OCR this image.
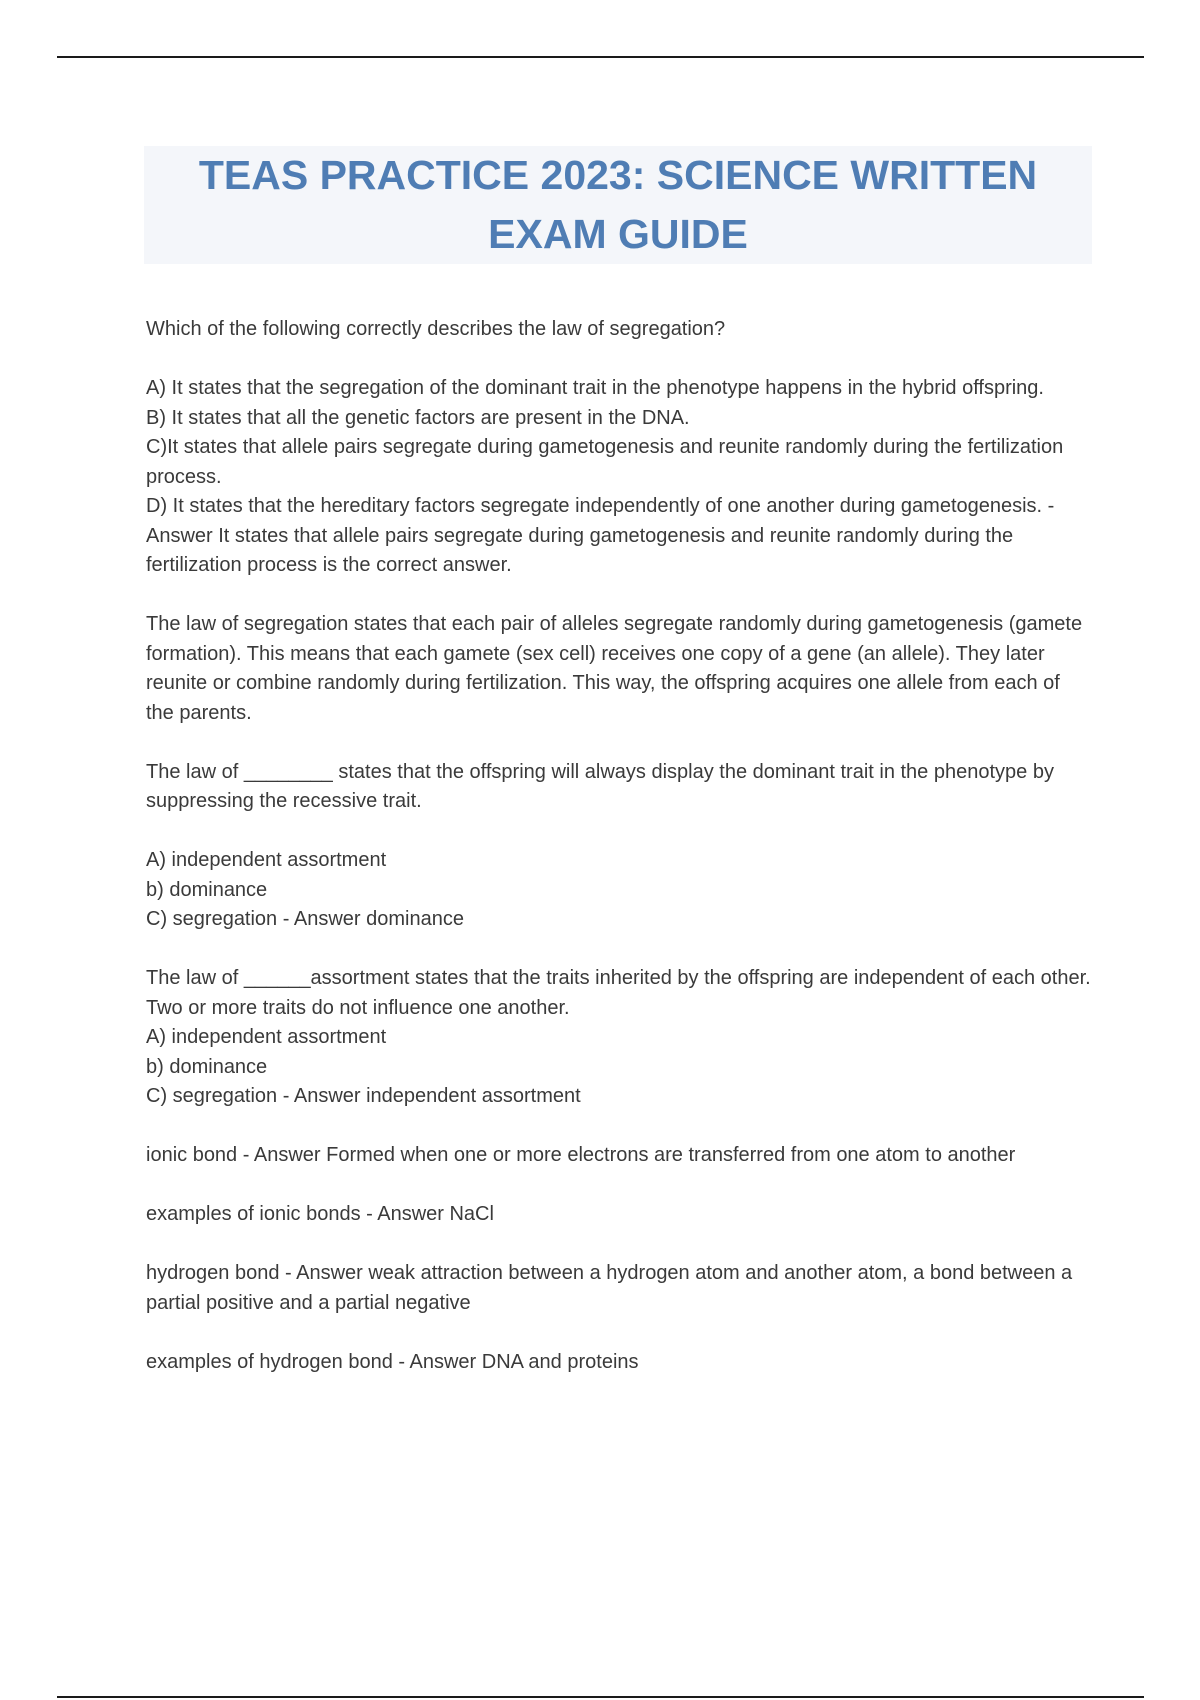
TEAS PRACTICE 2023: SCIENCE WRITTEN EXAM GUIDE

Which of the following correctly describes the law of segregation?

A) It states that the segregation of the dominant trait in the phenotype happens in the hybrid offspring.

B) It states that all the genetic factors are present in the DNA.

C)It states that allele pairs segregate during gametogenesis and reunite randomly during the fertilization process.

D) It states that the hereditary factors segregate independently of one another during gametogenesis. - Answer It states that allele pairs segregate during gametogenesis and reunite randomly during the fertilization process is the correct answer.

The law of segregation states that each pair of alleles segregate randomly during gametogenesis (gamete formation). This means that each gamete (sex cell) receives one copy of a gene (an allele). They later reunite or combine randomly during fertilization. This way, the offspring acquires one allele from each of the parents.

The law of ________ states that the offspring will always display the dominant trait in the phenotype by suppressing the recessive trait.

A) independent assortment

b) dominance

C) segregation - Answer dominance

The law of ______assortment states that the traits inherited by the offspring are independent of each other. Two or more traits do not influence one another.

A) independent assortment

b) dominance

C) segregation - Answer independent assortment

ionic bond - Answer Formed when one or more electrons are transferred from one atom to another

examples of ionic bonds - Answer NaCl

hydrogen bond - Answer weak attraction between a hydrogen atom and another atom, a bond between a partial positive and a partial negative

examples of hydrogen bond - Answer DNA and proteins
